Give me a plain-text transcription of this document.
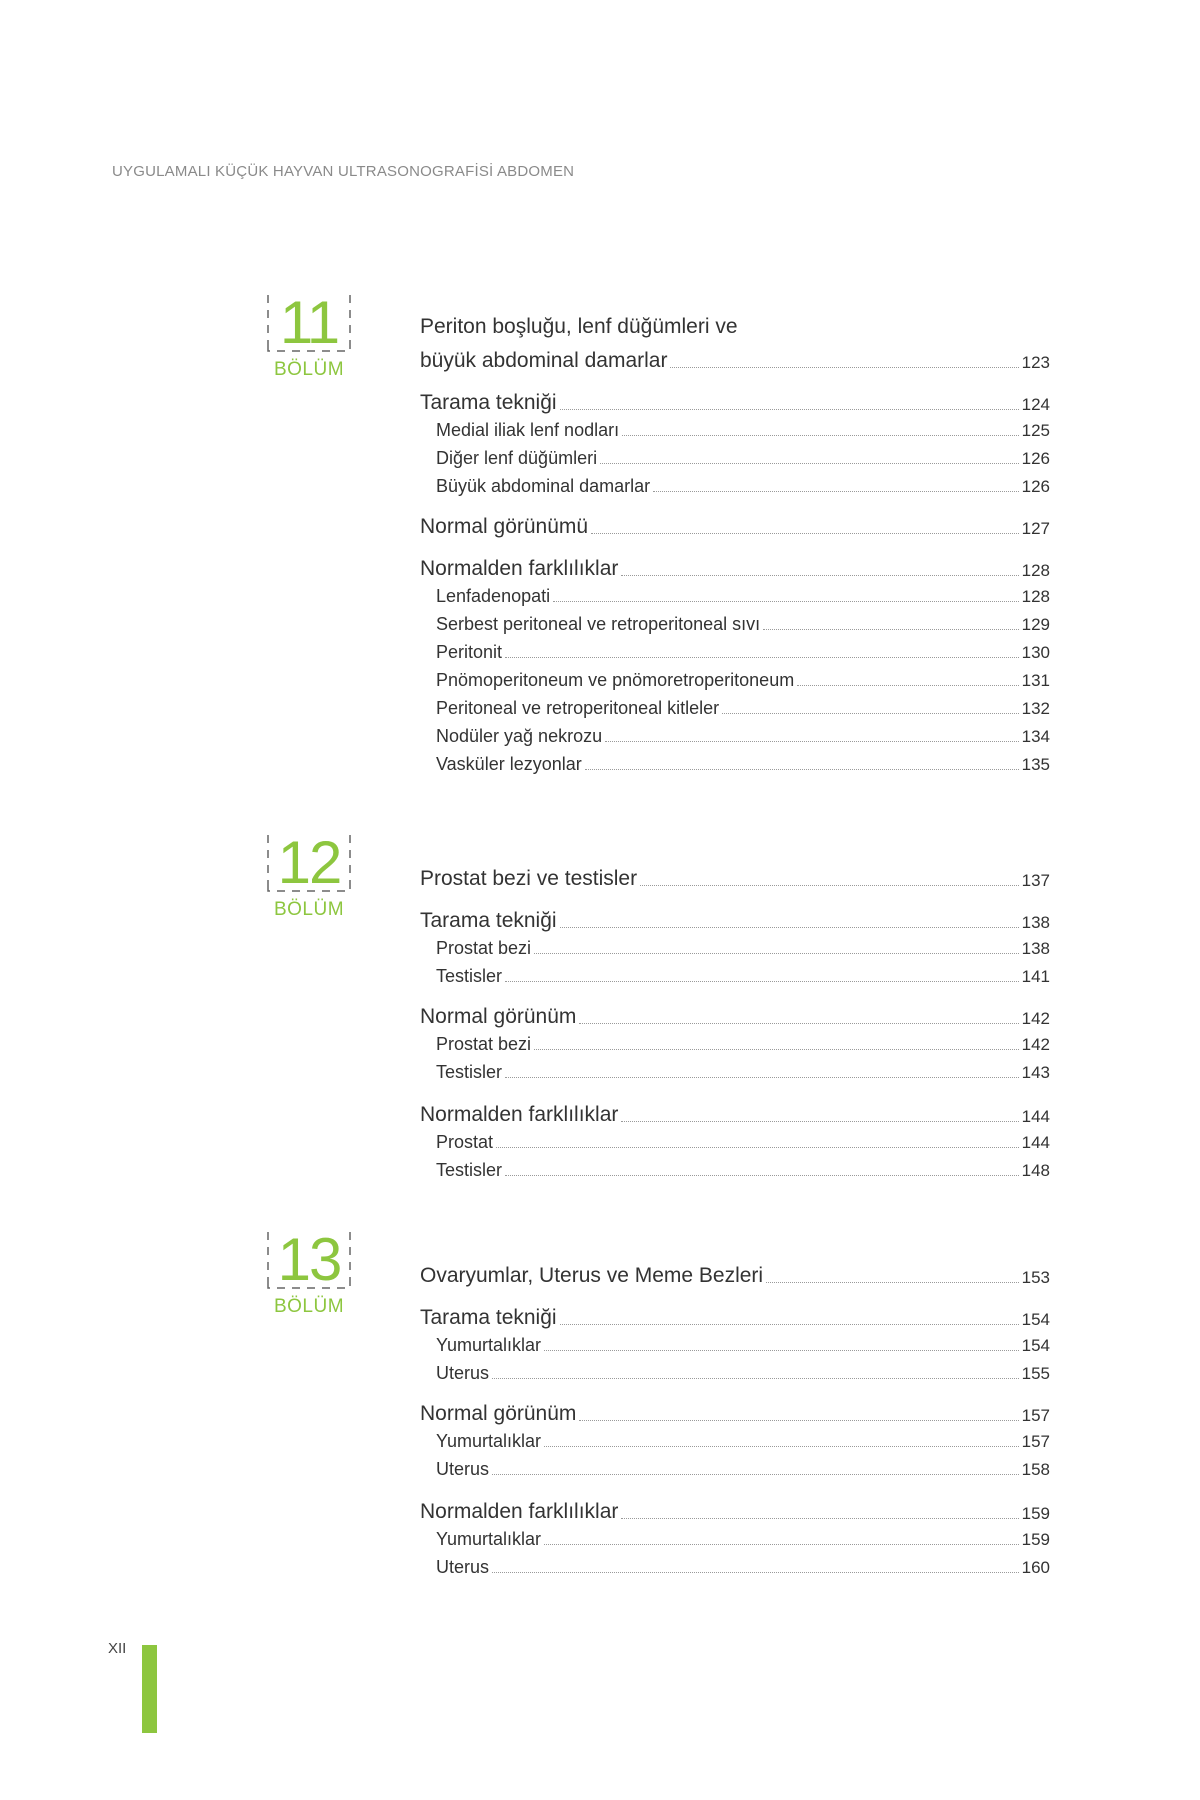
UYGULAMALI KÜÇÜK HAYVAN ULTRASONOGRAFİSİ ABDOMEN
11
BÖLÜM
Periton boşluğu, lenf düğümleri ve
büyük abdominal damarlar	123
Tarama tekniği	124
Medial iliak lenf nodları	125
Diğer lenf düğümleri	126
Büyük abdominal damarlar	126
Normal görünümü	127
Normalden farklılıklar	128
Lenfadenopati	128
Serbest peritoneal ve retroperitoneal sıvı	129
Peritonit	130
Pnömoperitoneum ve pnömoretroperitoneum	131
Peritoneal ve retroperitoneal kitleler	132
Nodüler yağ nekrozu	134
Vasküler lezyonlar	135
12
BÖLÜM
Prostat bezi ve testisler	137
Tarama tekniği	138
Prostat bezi	138
Testisler	141
Normal görünüm	142
Prostat bezi	142
Testisler	143
Normalden farklılıklar	144
Prostat	144
Testisler	148
13
BÖLÜM
Ovaryumlar, Uterus ve Meme Bezleri	153
Tarama tekniği	154
Yumurtalıklar	154
Uterus	155
Normal görünüm	157
Yumurtalıklar	157
Uterus	158
Normalden farklılıklar	159
Yumurtalıklar	159
Uterus	160
XII
